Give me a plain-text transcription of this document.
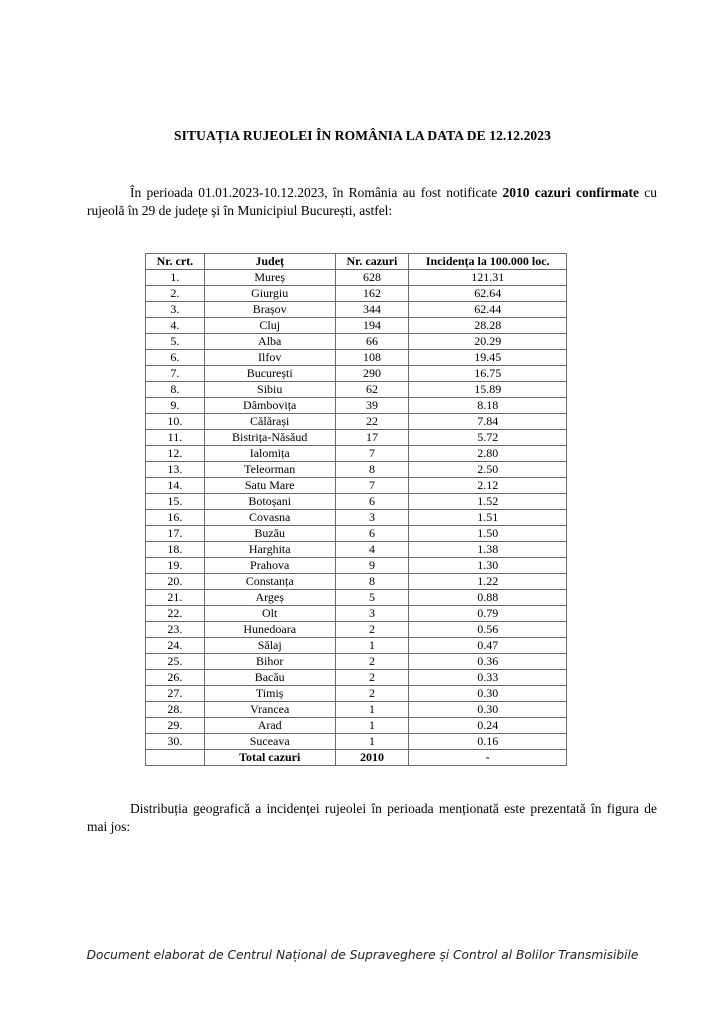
SITUAȚIA RUJEOLEI ÎN ROMÂNIA LA DATA DE 12.12.2023

În perioada 01.01.2023-10.12.2023, în România au fost notificate 2010 cazuri confirmate cu rujeolă în 29 de județe și în Municipiul București, astfel:

Nr. crt.	Județ	Nr. cazuri	Incidența la 100.000 loc.
1.	Mureș	628	121.31
2.	Giurgiu	162	62.64
3.	Brașov	344	62.44
4.	Cluj	194	28.28
5.	Alba	66	20.29
6.	Ilfov	108	19.45
7.	București	290	16.75
8.	Sibiu	62	15.89
9.	Dâmbovița	39	8.18
10.	Călărași	22	7.84
11.	Bistrița-Năsăud	17	5.72
12.	Ialomița	7	2.80
13.	Teleorman	8	2.50
14.	Satu Mare	7	2.12
15.	Botoșani	6	1.52
16.	Covasna	3	1.51
17.	Buzău	6	1.50
18.	Harghita	4	1.38
19.	Prahova	9	1.30
20.	Constanța	8	1.22
21.	Argeș	5	0.88
22.	Olt	3	0.79
23.	Hunedoara	2	0.56
24.	Sălaj	1	0.47
25.	Bihor	2	0.36
26.	Bacău	2	0.33
27.	Timiș	2	0.30
28.	Vrancea	1	0.30
29.	Arad	1	0.24
30.	Suceava	1	0.16
	Total cazuri	2010	-

Distribuția geografică a incidenței rujeolei în perioada menționată este prezentată în figura de mai jos:

Document elaborat de Centrul Național de Supraveghere și Control al Bolilor Transmisibile
